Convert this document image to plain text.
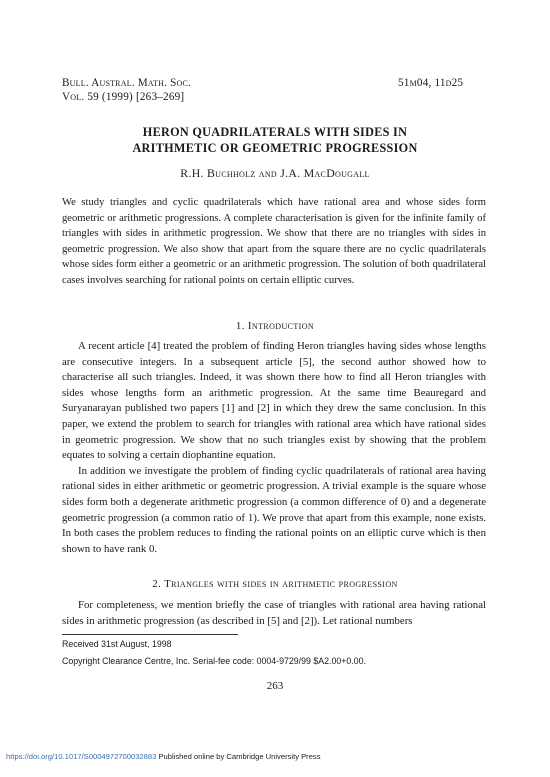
Bull. Austral. Math. Soc.
Vol. 59 (1999) [263–269]
51m04, 11d25
HERON QUADRILATERALS WITH SIDES IN
ARITHMETIC OR GEOMETRIC PROGRESSION
R.H. Buchholz and J.A. MacDougall
We study triangles and cyclic quadrilaterals which have rational area and whose sides form geometric or arithmetic progressions. A complete characterisation is given for the infinite family of triangles with sides in arithmetic progression. We show that there are no triangles with sides in geometric progression. We also show that apart from the square there are no cyclic quadrilaterals whose sides form either a geometric or an arithmetic progression. The solution of both quadrilateral cases involves searching for rational points on certain elliptic curves.
1. Introduction

A recent article [4] treated the problem of finding Heron triangles having sides whose lengths are consecutive integers. In a subsequent article [5], the second author showed how to characterise all such triangles. Indeed, it was shown there how to find all Heron triangles with sides whose lengths form an arithmetic progression. At the same time Beauregard and Suryanarayan published two papers [1] and [2] in which they drew the same conclusion. In this paper, we extend the problem to search for triangles with rational area which have rational sides in geometric progression. We show that no such triangles exist by showing that the problem equates to solving a certain diophantine equation.

In addition we investigate the problem of finding cyclic quadrilaterals of rational area having rational sides in either arithmetic or geometric progression. A trivial example is the square whose sides form both a degenerate arithmetic progression (a common difference of 0) and a degenerate geometric progression (a common ratio of 1). We prove that apart from this example, none exists. In both cases the problem reduces to finding the rational points on an elliptic curve which is then shown to have rank 0.

2. Triangles with sides in arithmetic progression

For completeness, we mention briefly the case of triangles with rational area having rational sides in arithmetic progression (as described in [5] and [2]). Let rational numbers

Received 31st August, 1998
Copyright Clearance Centre, Inc. Serial-fee code: 0004-9729/99 $A2.00+0.00.
263
https://doi.org/10.1017/S0004972700032883 Published online by Cambridge University Press
